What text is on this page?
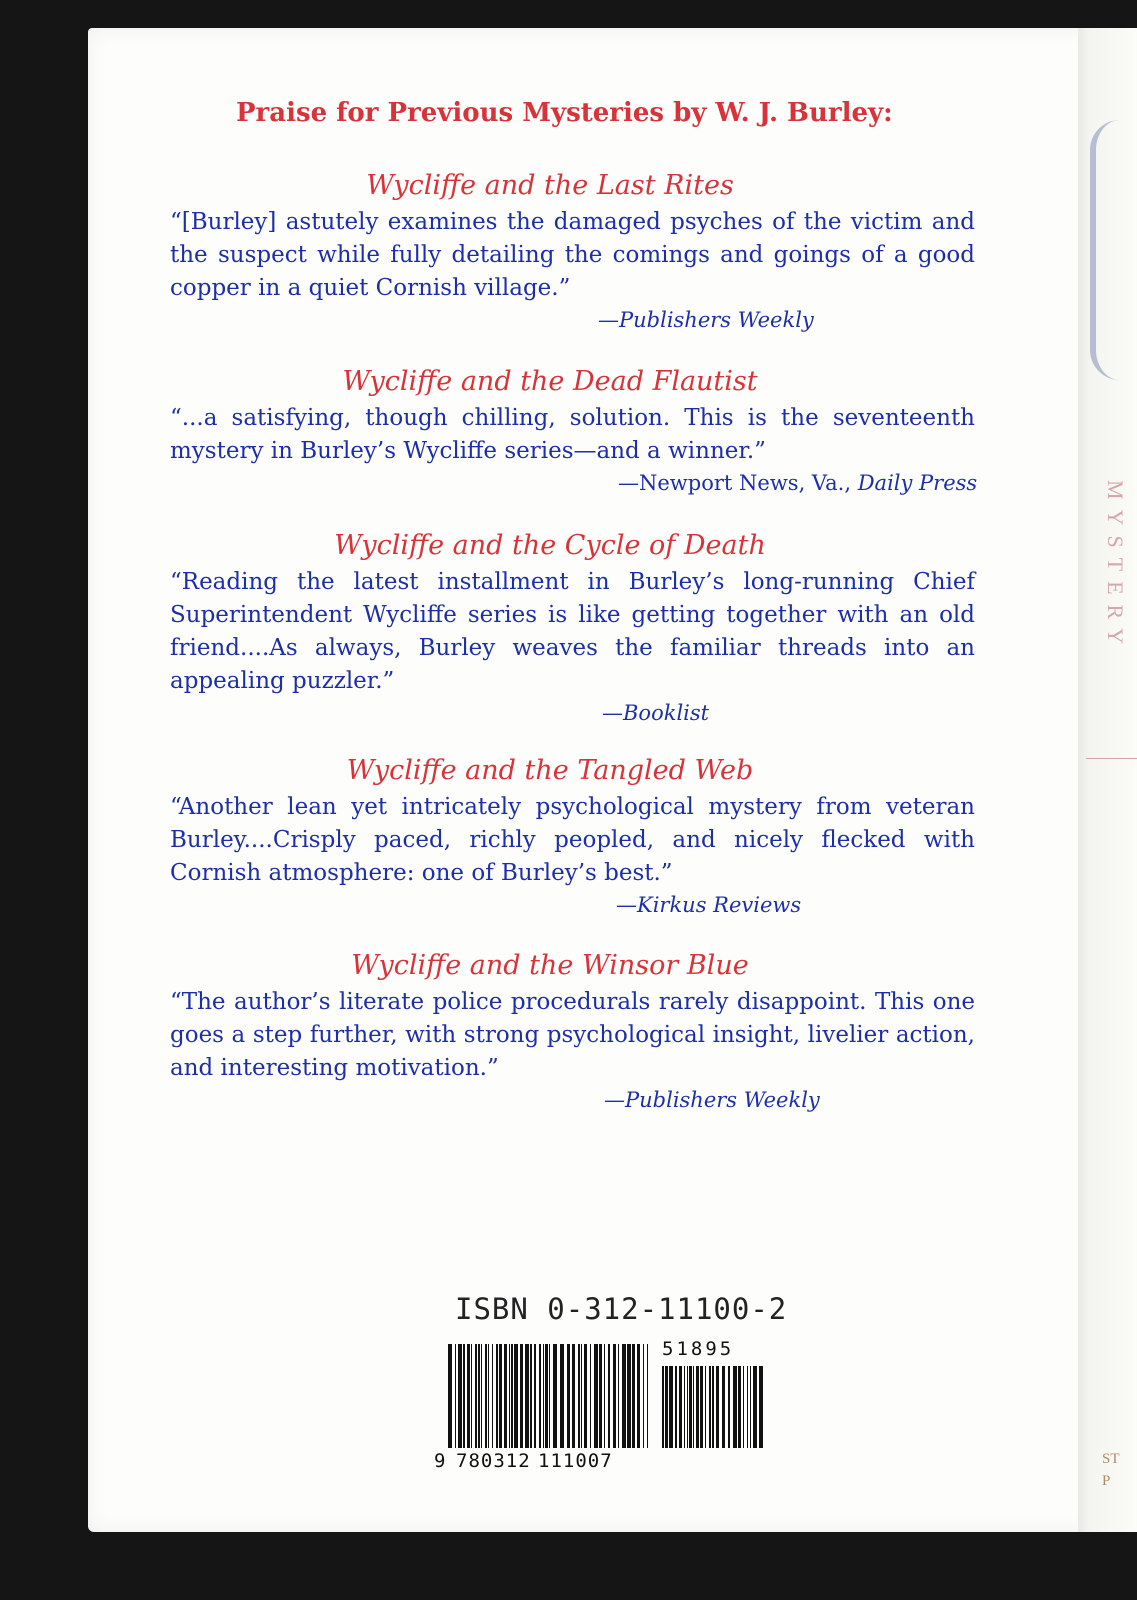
MYSTERY
ST
P
Praise for Previous Mysteries by W. J. Burley:
Wycliffe and the Last Rites
“[Burley] astutely examines the damaged psyches of the victim and the suspect while fully detailing the comings and goings of a good copper in a quiet Cornish village.”
—Publishers Weekly
Wycliffe and the Dead Flautist
“...a satisfying, though chilling, solution. This is the seventeenth mystery in Burley’s Wycliffe series—and a winner.”
—Newport News, Va., Daily Press
Wycliffe and the Cycle of Death
“Reading the latest installment in Burley’s long-running Chief Superintendent Wycliffe series is like getting together with an old friend....As always, Burley weaves the familiar threads into an appealing puzzler.”
—Booklist
Wycliffe and the Tangled Web
“Another lean yet intricately psychological mystery from veteran Burley....Crisply paced, richly peopled, and nicely flecked with Cornish atmosphere: one of Burley’s best.”
—Kirkus Reviews
Wycliffe and the Winsor Blue
“The author’s literate police procedurals rarely disappoint. This one goes a step further, with strong psychological insight, livelier action, and interesting motivation.”
—Publishers Weekly
ISBN 0-312-11100-2
9 780312 111007
51895
